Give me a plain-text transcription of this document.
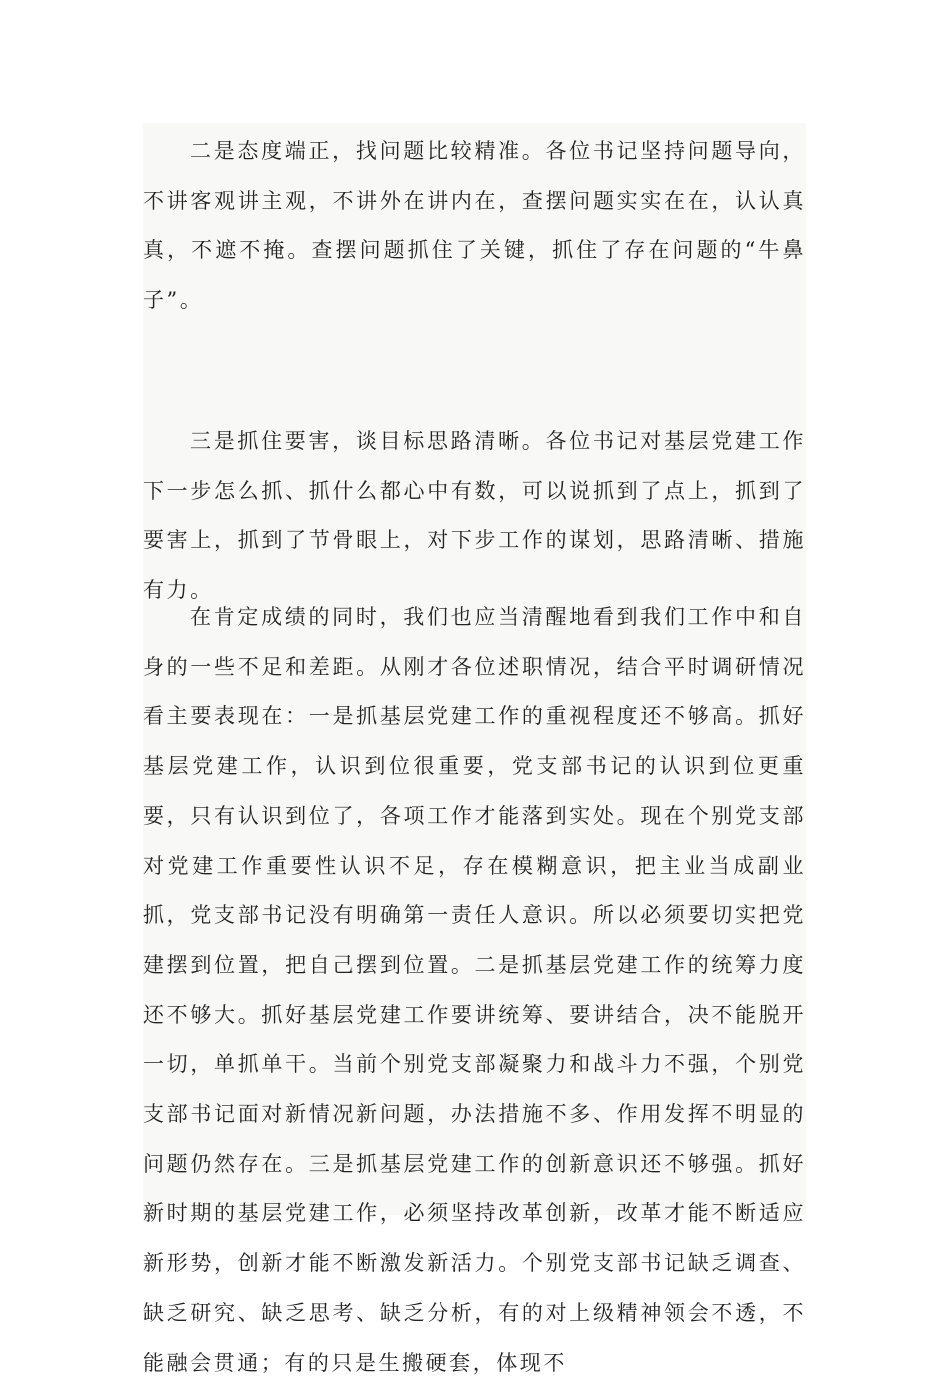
二是态度端正，找问题比较精准。各位书记坚持问题导向，不讲客观讲主观，不讲外在讲内在，查摆问题实实在在，认认真真，不遮不掩。查摆问题抓住了关键，抓住了存在问题的“牛鼻子”。

三是抓住要害，谈目标思路清晰。各位书记对基层党建工作下一步怎么抓、抓什么都心中有数，可以说抓到了点上，抓到了要害上，抓到了节骨眼上，对下步工作的谋划，思路清晰、措施有力。

在肯定成绩的同时，我们也应当清醒地看到我们工作中和自身的一些不足和差距。从刚才各位述职情况，结合平时调研情况看主要表现在：一是抓基层党建工作的重视程度还不够高。抓好基层党建工作，认识到位很重要，党支部书记的认识到位更重要，只有认识到位了，各项工作才能落到实处。现在个别党支部对党建工作重要性认识不足，存在模糊意识，把主业当成副业抓，党支部书记没有明确第一责任人意识。所以必须要切实把党建摆到位置，把自己摆到位置。二是抓基层党建工作的统筹力度还不够大。抓好基层党建工作要讲统筹、要讲结合，决不能脱开一切，单抓单干。当前个别党支部凝聚力和战斗力不强，个别党支部书记面对新情况新问题，办法措施不多、作用发挥不明显的问题仍然存在。三是抓基层党建工作的创新意识还不够强。抓好新时期的基层党建工作，必须坚持改革创新，改革才能不断适应新形势，创新才能不断激发新活力。个别党支部书记缺乏调查、缺乏研究、缺乏思考、缺乏分析，有的对上级精神领会不透，不能融会贯通；有的只是生搬硬套，体现不
